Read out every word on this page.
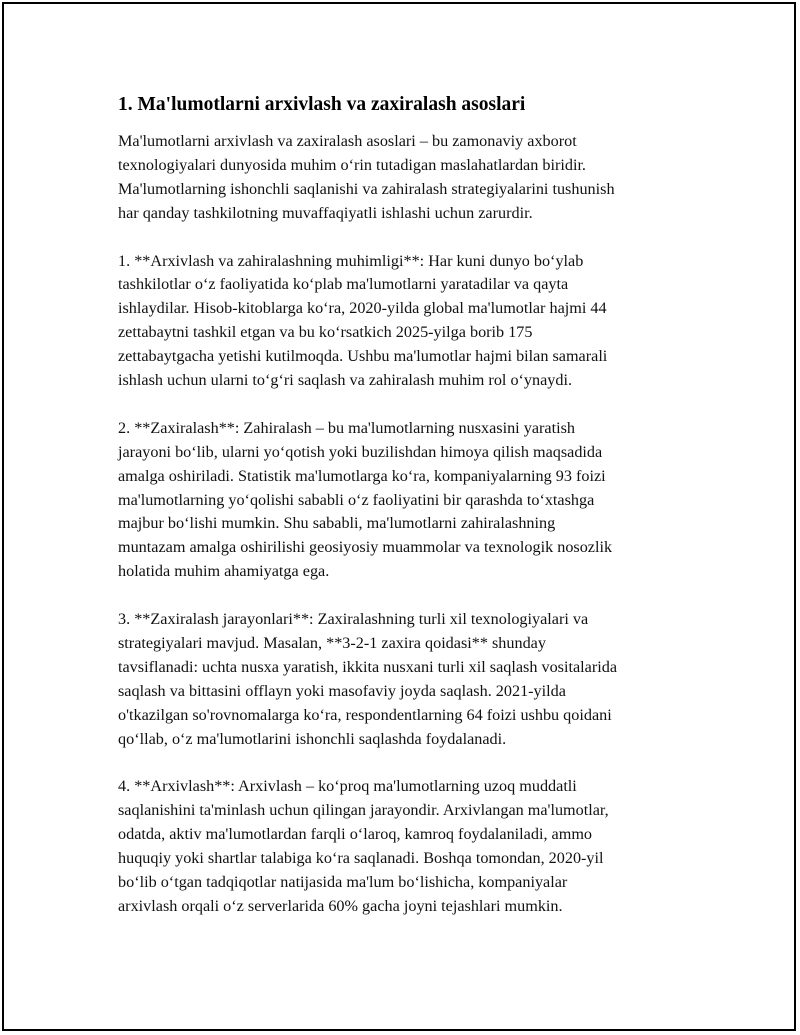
1. Ma'lumotlarni arxivlash va zaxiralash asoslari
Ma'lumotlarni arxivlash va zaxiralash asoslari – bu zamonaviy axborot
texnologiyalari dunyosida muhim oʻrin tutadigan maslahatlardan biridir.
Ma'lumotlarning ishonchli saqlanishi va zahiralash strategiyalarini tushunish
har qanday tashkilotning muvaffaqiyatli ishlashi uchun zarurdir.
1. **Arxivlash va zahiralashning muhimligi**: Har kuni dunyo boʻylab
tashkilotlar oʻz faoliyatida koʻplab ma'lumotlarni yaratadilar va qayta
ishlaydilar. Hisob-kitoblarga koʻra, 2020-yilda global ma'lumotlar hajmi 44
zettabaytni tashkil etgan va bu koʻrsatkich 2025-yilga borib 175
zettabaytgacha yetishi kutilmoqda. Ushbu ma'lumotlar hajmi bilan samarali
ishlash uchun ularni toʻgʻri saqlash va zahiralash muhim rol oʻynaydi.
2. **Zaxiralash**: Zahiralash – bu ma'lumotlarning nusxasini yaratish
jarayoni boʻlib, ularni yoʻqotish yoki buzilishdan himoya qilish maqsadida
amalga oshiriladi. Statistik ma'lumotlarga koʻra, kompaniyalarning 93 foizi
ma'lumotlarning yoʻqolishi sababli oʻz faoliyatini bir qarashda toʻxtashga
majbur boʻlishi mumkin. Shu sababli, ma'lumotlarni zahiralashning
muntazam amalga oshirilishi geosiyosiy muammolar va texnologik nosozlik
holatida muhim ahamiyatga ega.
3. **Zaxiralash jarayonlari**: Zaxiralashning turli xil texnologiyalari va
strategiyalari mavjud. Masalan, **3-2-1 zaxira qoidasi** shunday
tavsiflanadi: uchta nusxa yaratish, ikkita nusxani turli xil saqlash vositalarida
saqlash va bittasini offlayn yoki masofaviy joyda saqlash. 2021-yilda
o'tkazilgan so'rovnomalarga koʻra, respondentlarning 64 foizi ushbu qoidani
qoʻllab, oʻz ma'lumotlarini ishonchli saqlashda foydalanadi.
4. **Arxivlash**: Arxivlash – koʻproq ma'lumotlarning uzoq muddatli
saqlanishini ta'minlash uchun qilingan jarayondir. Arxivlangan ma'lumotlar,
odatda, aktiv ma'lumotlardan farqli oʻlaroq, kamroq foydalaniladi, ammo
huquqiy yoki shartlar talabiga koʻra saqlanadi. Boshqa tomondan, 2020-yil
boʻlib oʻtgan tadqiqotlar natijasida ma'lum boʻlishicha, kompaniyalar
arxivlash orqali oʻz serverlarida 60% gacha joyni tejashlari mumkin.
